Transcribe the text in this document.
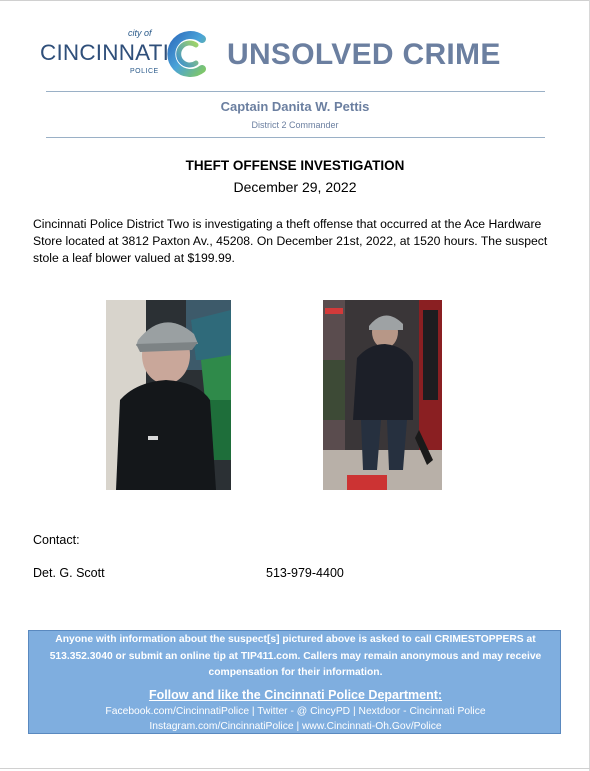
city of
CINCINNATI
POLICE
UNSOLVED CRIME
Captain Danita W. Pettis
District 2 Commander
THEFT OFFENSE INVESTIGATION
December 29, 2022
Cincinnati Police District Two is investigating a theft offense that occurred at the Ace Hardware Store located at 3812 Paxton Av., 45208. On December 21st, 2022, at 1520 hours. The suspect stole a leaf blower valued at $199.99.
Contact:
Det. G. Scott	513-979-4400
Anyone with information about the suspect[s] pictured above is asked to call CRIMESTOPPERS at 513.352.3040 or submit an online tip at TIP411.com. Callers may remain anonymous and may receive compensation for their information.
Follow and like the Cincinnati Police Department:
Facebook.com/CincinnatiPolice | Twitter - @ CincyPD | Nextdoor - Cincinnati Police
Instagram.com/CincinnatiPolice | www.Cincinnati-Oh.Gov/Police
